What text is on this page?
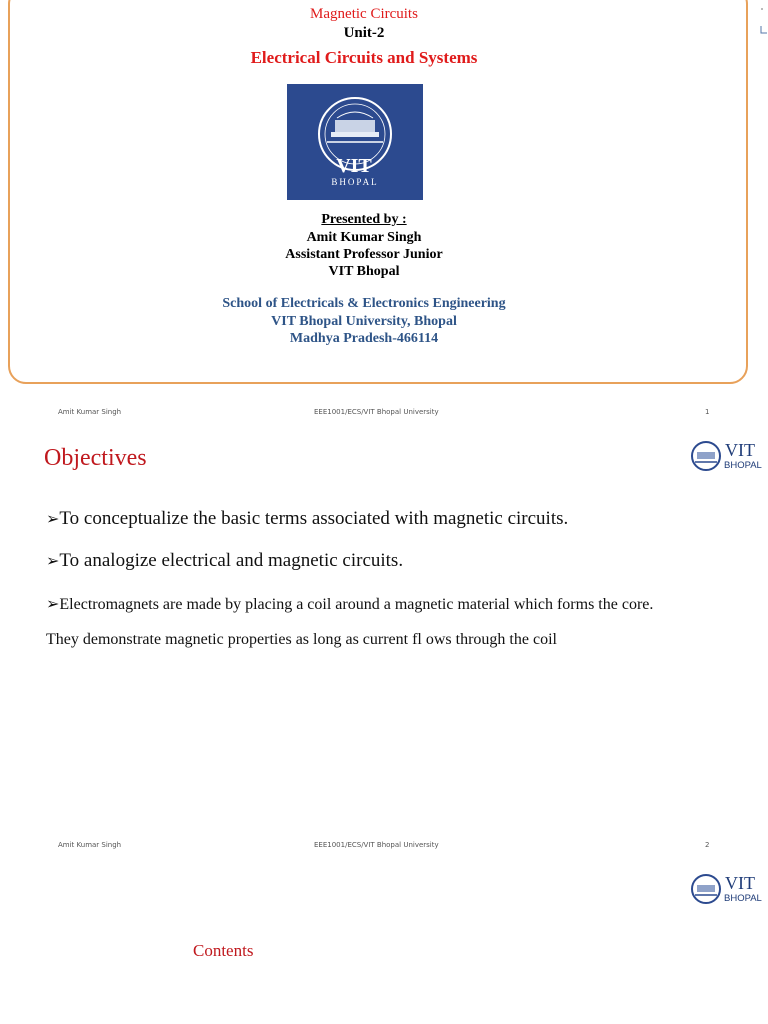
Magnetic Circuits
Unit-2
Electrical Circuits and Systems
VIT
BHOPAL
Presented by :
Amit Kumar Singh
Assistant Professor Junior
VIT Bhopal
School of Electricals & Electronics Engineering
VIT Bhopal University, Bhopal
Madhya Pradesh-466114
Amit Kumar Singh	EEE1001/ECS/VIT Bhopal University	1
Objectives	VIT
BHOPAL
➢To conceptualize the basic terms associated with magnetic circuits.
➢To analogize electrical and magnetic circuits.
➢Electromagnets are made by placing a coil around a magnetic material which forms the core. They demonstrate magnetic properties as long as current fl ows through the coil
Amit Kumar Singh	EEE1001/ECS/VIT Bhopal University	2
VIT
BHOPAL
Contents
